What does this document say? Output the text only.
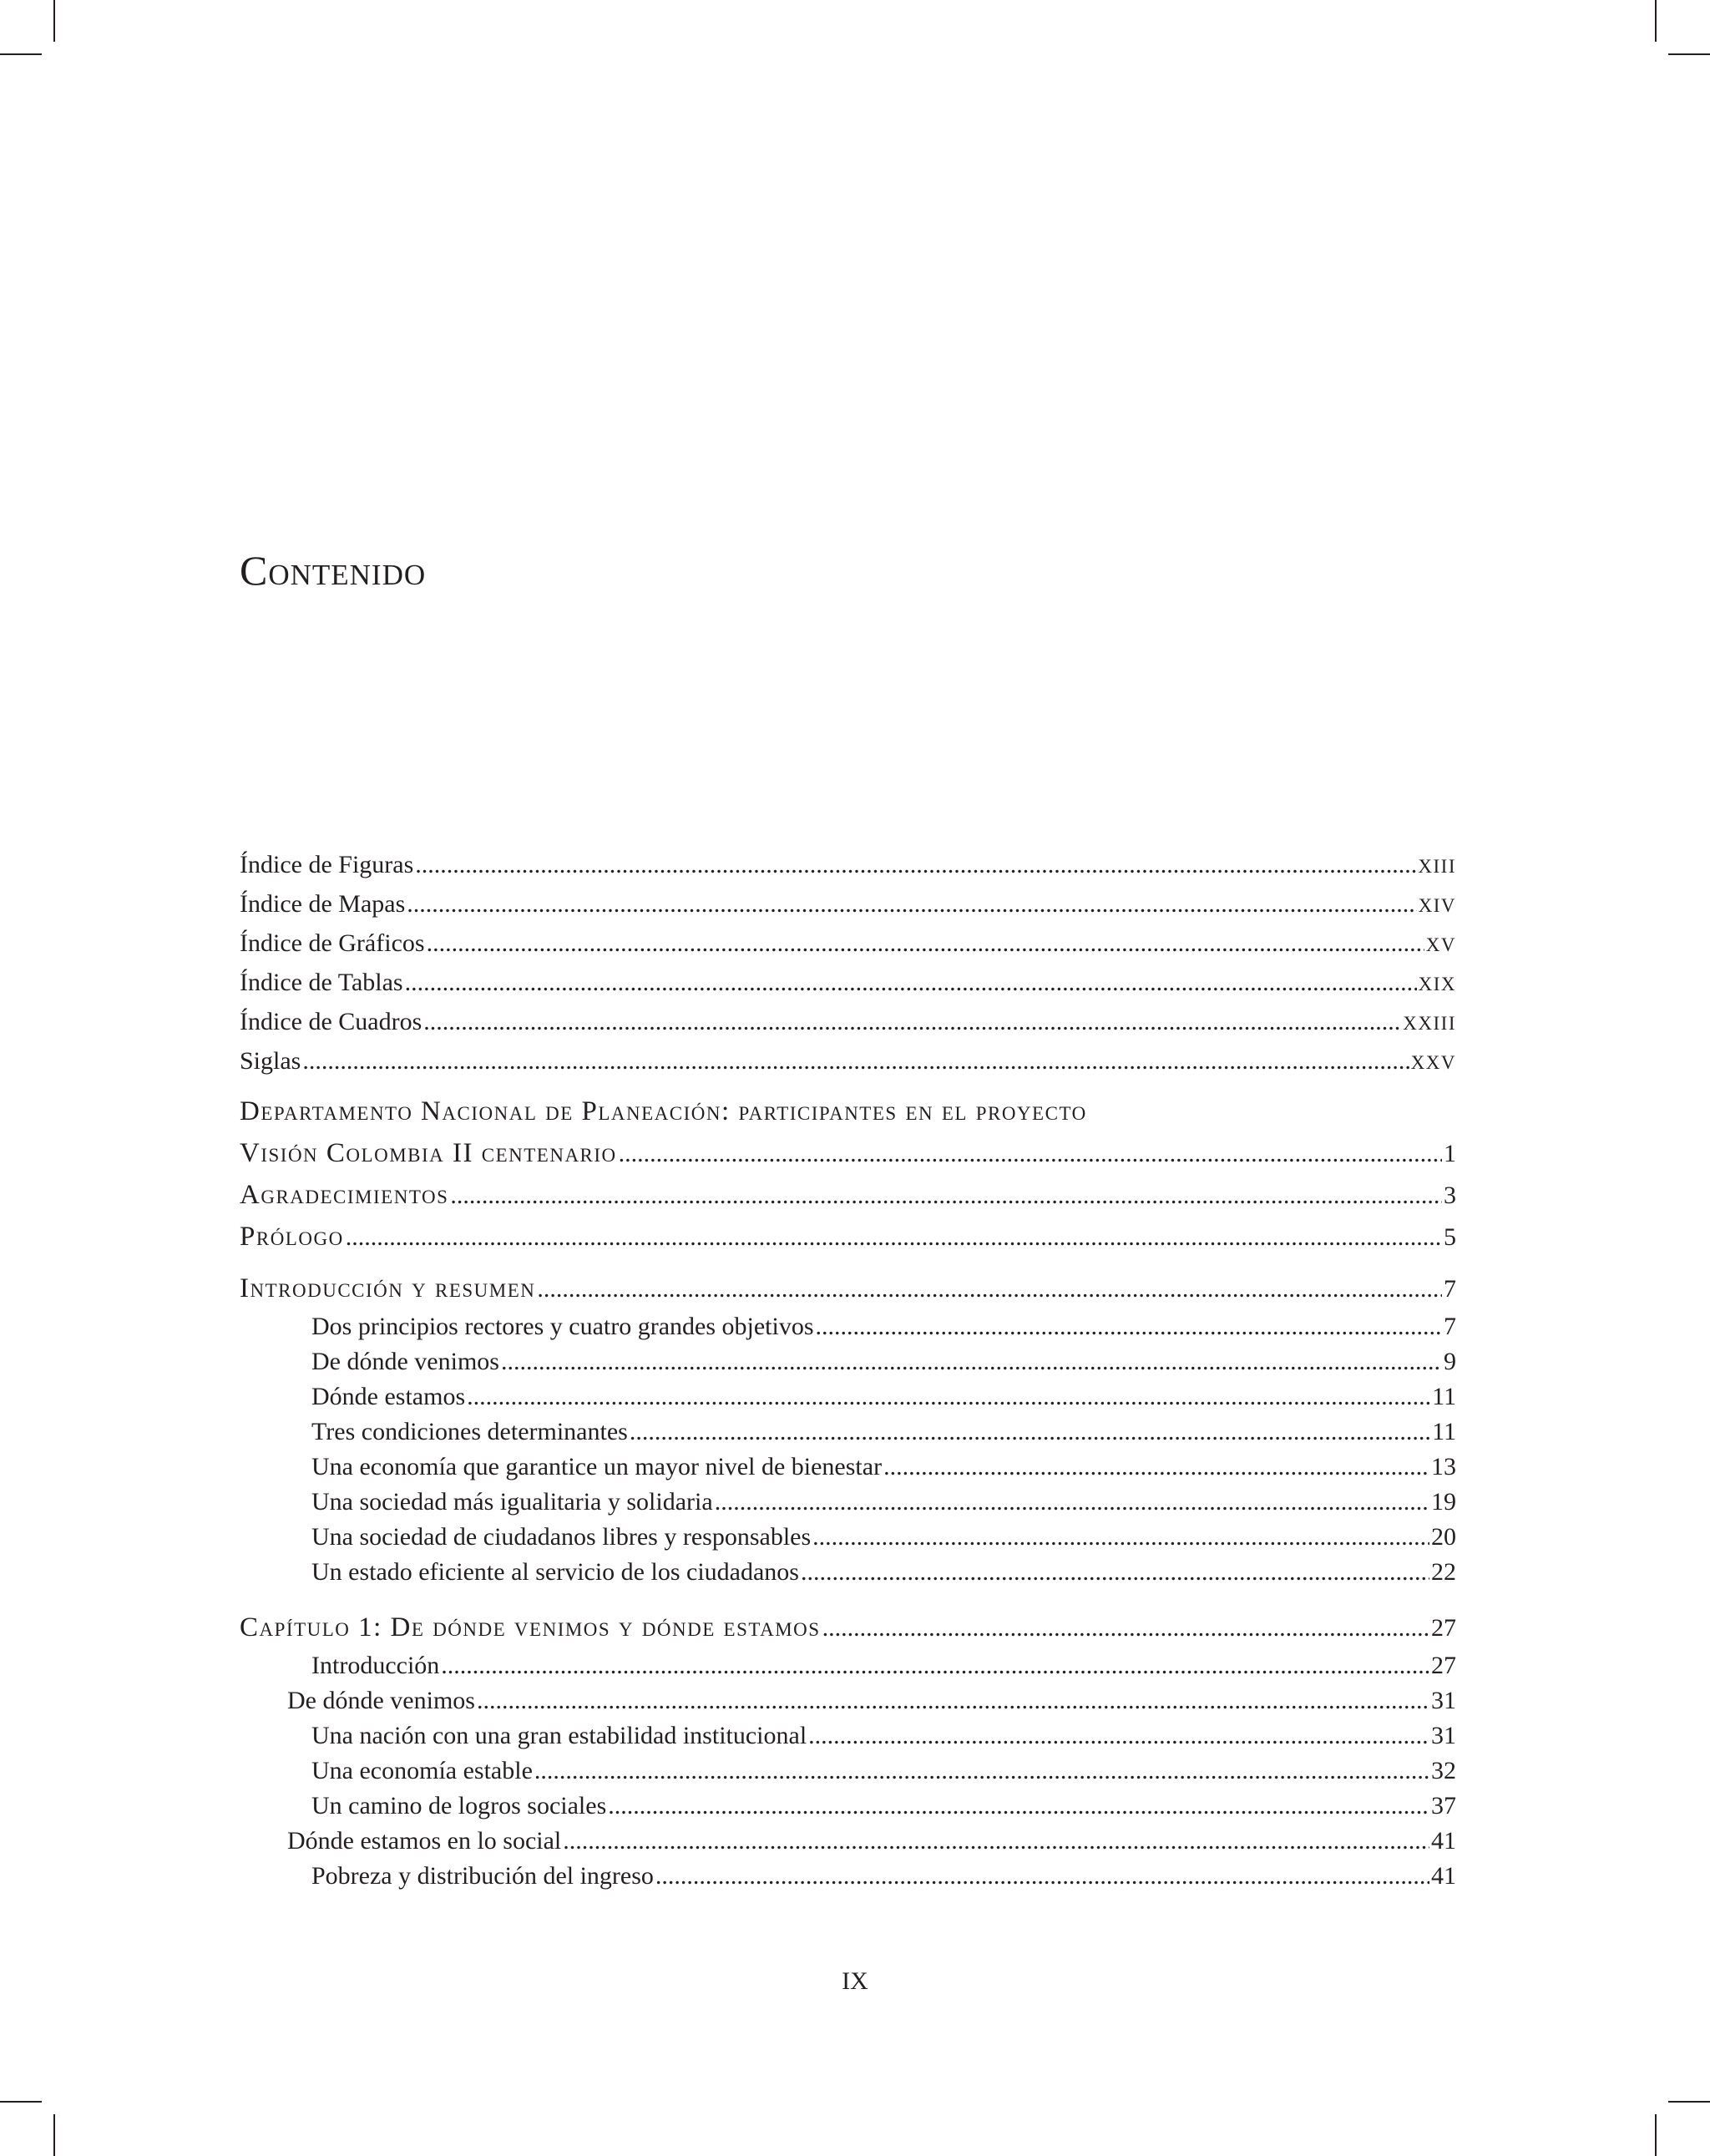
Contenido
Índice de Figuras .....	xiii
Índice de Mapas .....	xiv
Índice de Gráficos .....	xv
Índice de Tablas .....	xix
Índice de Cuadros .....	xxiii
Siglas .....	xxv
Departamento Nacional de Planeación: participantes en el proyecto
Visión Colombia II centenario .....	1
Agradecimientos .....	3
Prólogo .....	5
Introducción y resumen .....	7
Dos principios rectores y cuatro grandes objetivos .....	7
De dónde venimos .....	9
Dónde estamos .....	11
Tres condiciones determinantes .....	11
Una economía que garantice un mayor nivel de bienestar .....	13
Una sociedad más igualitaria y solidaria .....	19
Una sociedad de ciudadanos libres y responsables .....	20
Un estado eficiente al servicio de los ciudadanos .....	22
Capítulo 1: De dónde venimos y dónde estamos .....	27
Introducción .....	27
De dónde venimos .....	31
Una nación con una gran estabilidad institucional .....	31
Una economía estable .....	32
Un camino de logros sociales .....	37
Dónde estamos en lo social .....	41
Pobreza y distribución del ingreso .....	41
IX
